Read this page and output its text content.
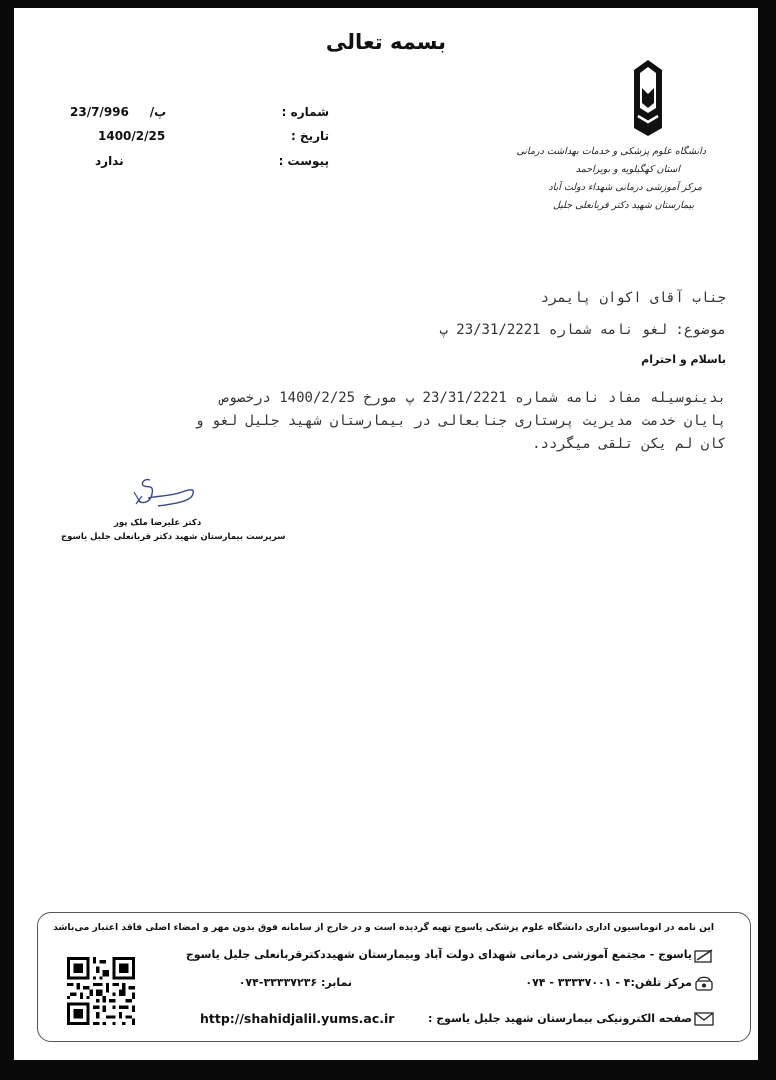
بسمه تعالی
شماره :
23/7/996     /پ
تاریخ :
1400/2/25
پیوست :
ندارد
دانشگاه علوم پزشکی و خدمات بهداشت درمانی
استان کهگیلویه و بویراحمد
مرکز آموزشی درمانی شهداء دولت آباد
بیمارستان شهید دکتر قربانعلی جلیل
جناب آقای اکوان پایمرد
موضوع: لغو نامه شماره 23/31/2221 پ
باسلام و احترام
بدینوسیله مفاد نامه شماره 23/31/2221 پ مورخ 1400/2/25 درخصوص
پایان خدمت مدیریت پرستاری جنابعالی در بیمارستان شهید جلیل لغو و
کان لم یکن تلقی میگردد.
دکتر علیرضا ملک پور
سرپرست بیمارستان شهید دکتر قربانعلی جلیل یاسوج
این نامه در اتوماسیون اداری دانشگاه علوم پزشکی یاسوج تهیه گردیده است و در خارج از سامانه فوق بدون مهر و امضاء اصلی فاقد اعتبار می‌باشد
یاسوج - مجتمع آموزشی درمانی شهدای دولت آباد وبیمارستان شهیددکترقربانعلی جلیل یاسوج
مرکز تلفن:۴ - ۳۳۳۳۷۰۰۱ - ۰۷۴
نمابر: ۳۳۳۳۷۲۳۶-۰۷۴
صفحه الکترونیکی بیمارستان شهید جلیل یاسوج :
http://shahidjalil.yums.ac.ir
